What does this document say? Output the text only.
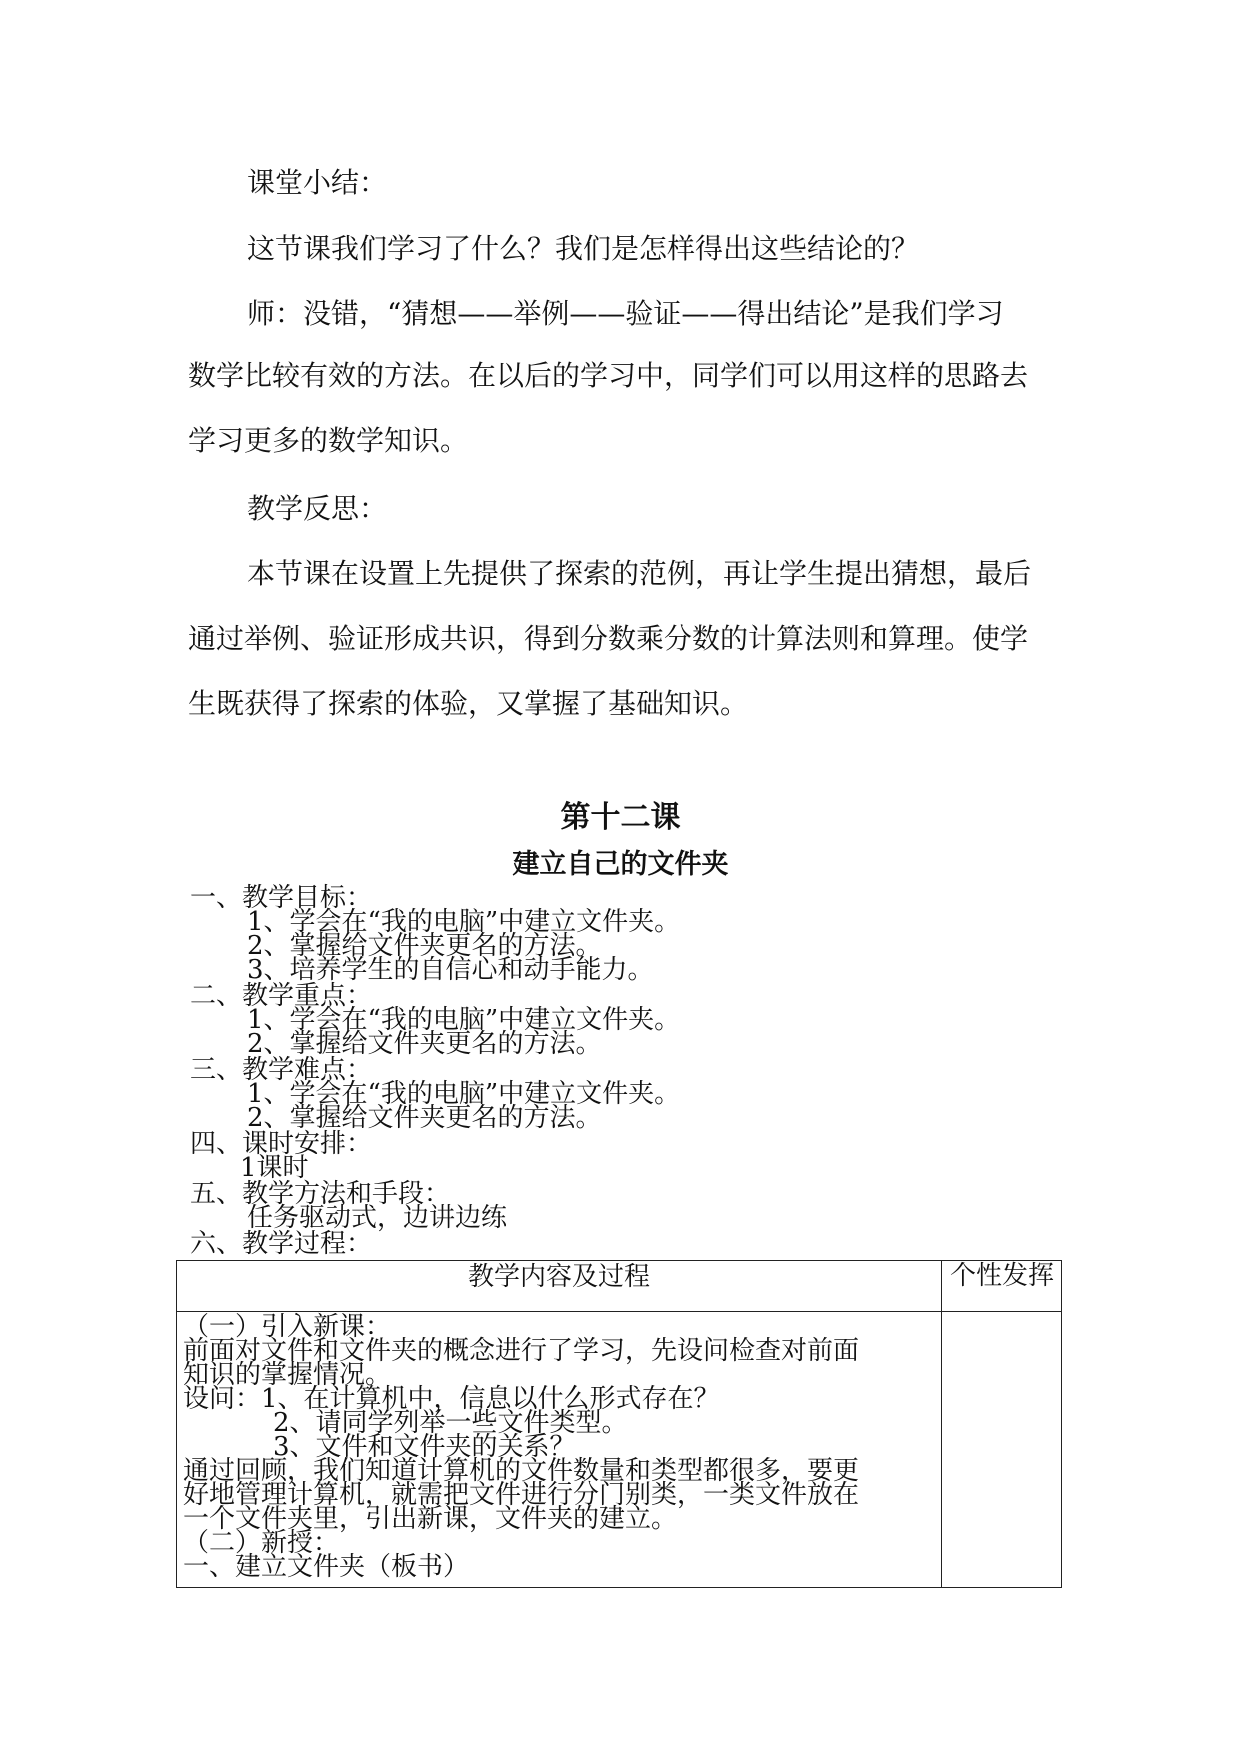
课堂小结：
这节课我们学习了什么？我们是怎样得出这些结论的？
师：没错，“猜想——举例——验证——得出结论”是我们学习
数学比较有效的方法。在以后的学习中，同学们可以用这样的思路去
学习更多的数学知识。
教学反思：
本节课在设置上先提供了探索的范例，再让学生提出猜想，最后
通过举例、验证形成共识，得到分数乘分数的计算法则和算理。使学
生既获得了探索的体验，又掌握了基础知识。
第十二课
建立自己的文件夹
一、教学目标：
1、学会在“我的电脑”中建立文件夹。
2、掌握给文件夹更名的方法。
3、培养学生的自信心和动手能力。
二、教学重点：
1、学会在“我的电脑”中建立文件夹。
2、掌握给文件夹更名的方法。
三、教学难点：
1、学会在“我的电脑”中建立文件夹。
2、掌握给文件夹更名的方法。
四、课时安排：
1课时
五、教学方法和手段：
任务驱动式，边讲边练
六、教学过程：
教学内容及过程	个性发挥
（一）引入新课：
前面对文件和文件夹的概念进行了学习，先设问检查对前面
知识的掌握情况。
设问：1、在计算机中，信息以什么形式存在？
2、请同学列举一些文件类型。
3、文件和文件夹的关系？
通过回顾，我们知道计算机的文件数量和类型都很多，要更
好地管理计算机，就需把文件进行分门别类，一类文件放在
一个文件夹里，引出新课，文件夹的建立。
（二）新授：
一、建立文件夹（板书）
